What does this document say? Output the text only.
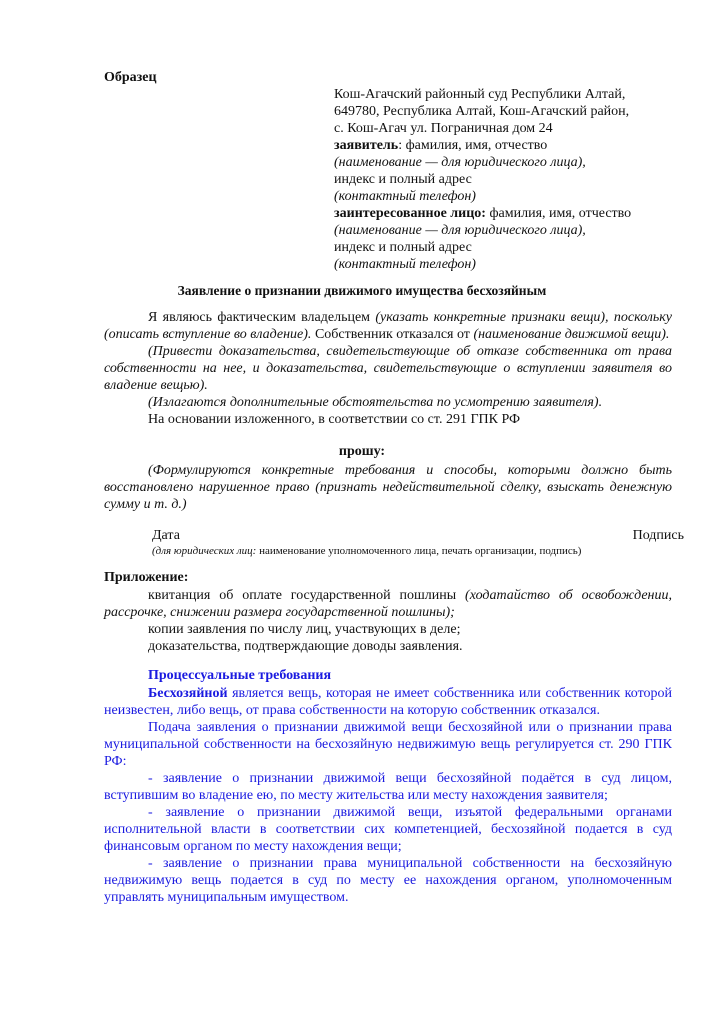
Образец
Кош-Агачский районный суд Республики Алтай,
649780, Республика Алтай, Кош-Агачский район,
с. Кош-Агач ул. Пограничная дом 24
заявитель: фамилия, имя, отчество
(наименование — для юридического лица),
индекс и полный адрес
(контактный телефон)
заинтересованное лицо: фамилия, имя, отчество
(наименование — для юридического лица),
индекс и полный адрес
(контактный телефон)
Заявление о признании движимого имущества бесхозяйным

Я являюсь фактическим владельцем (указать конкретные признаки вещи), поскольку (описать вступление во владение). Собственник отказался от (наименование движимой вещи).

(Привести доказательства, свидетельствующие об отказе собственника от права собственности на нее, и доказательства, свидетельствующие о вступлении заявителя во владение вещью).

(Излагаются дополнительные обстоятельства по усмотрению заявителя).

На основании изложенного, в соответствии со ст. 291 ГПК РФ

прошу:

(Формулируются конкретные требования и способы, которыми должно быть восстановлено нарушенное право (признать недействительной сделку, взыскать денежную сумму и т. д.)

Дата	Подпись
(для юридических лиц: наименование уполномоченного лица, печать организации, подпись)
Приложение:

квитанция об оплате государственной пошлины (ходатайство об освобождении, рассрочке, снижении размера государственной пошлины);

копии заявления по числу лиц, участвующих в деле;

доказательства, подтверждающие доводы заявления.

Процессуальные требования

Бесхозяйной является вещь, которая не имеет собственника или собственник которой неизвестен, либо вещь, от права собственности на которую собственник отказался.

Подача заявления о признании движимой вещи бесхозяйной или о признании права муниципальной собственности на бесхозяйную недвижимую вещь регулируется ст. 290 ГПК РФ:

- заявление о признании движимой вещи бесхозяйной подаётся в суд лицом, вступившим во владение ею, по месту жительства или месту нахождения заявителя;

- заявление о признании движимой вещи, изъятой федеральными органами исполнительной власти в соответствии сих компетенцией, бесхозяйной подается в суд финансовым органом по месту нахождения вещи;

- заявление о признании права муниципальной собственности на бесхозяйную недвижимую вещь подается в суд по месту ее нахождения органом, уполномоченным управлять муниципальным имуществом.
